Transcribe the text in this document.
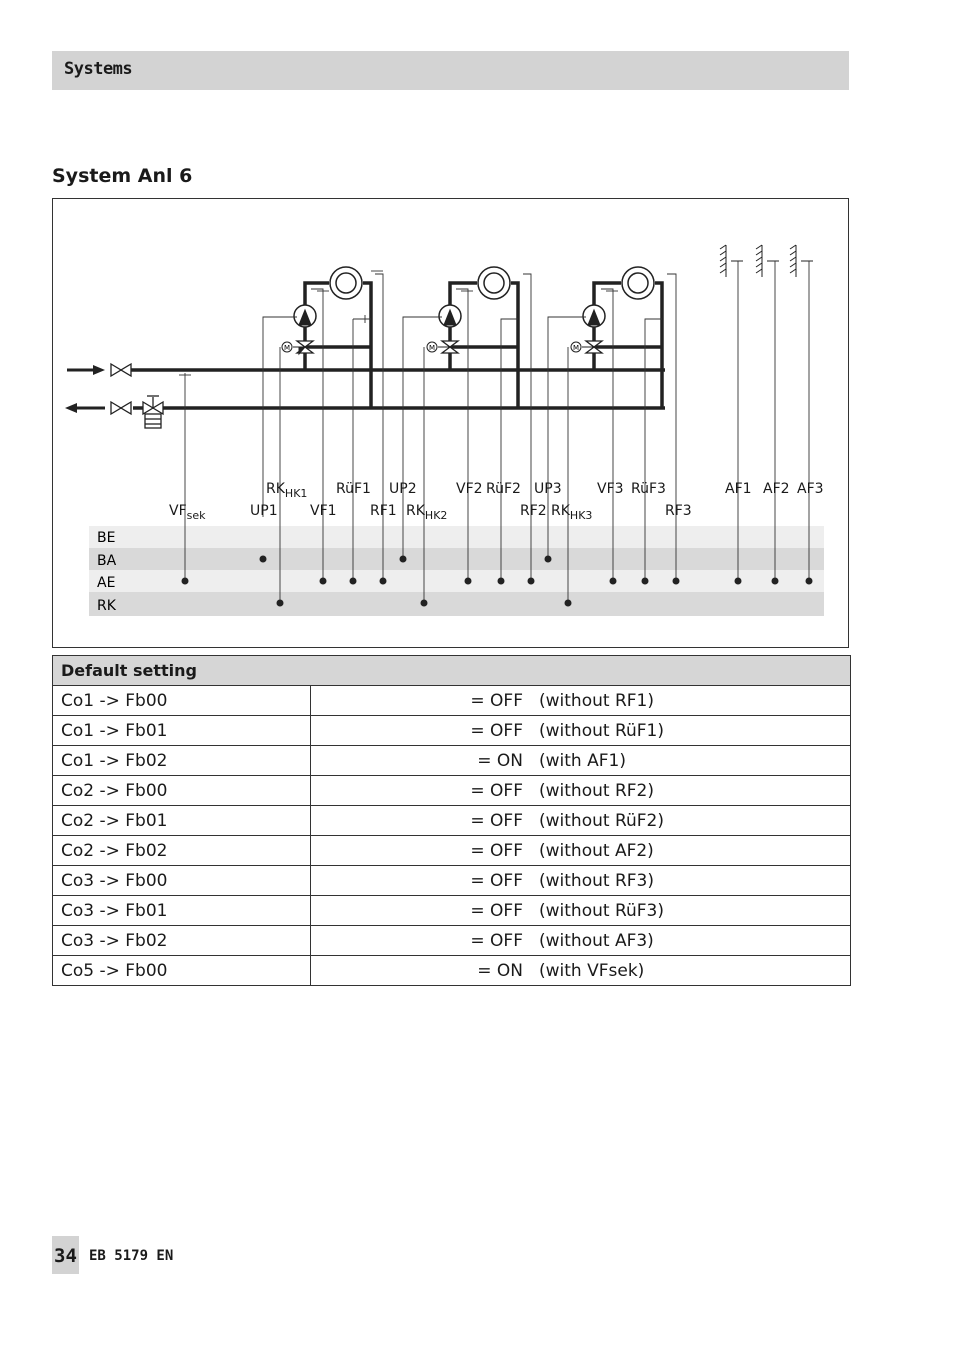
Systems
System Anl 6
BE
BA
AE
RK
M	M	M
$RK_{HK1}$ RüF1 UP2	VF2 RüF2 UP3	VF3 RüF3	AF1 AF2 AF3
$VF_{sek}$	UP1 VF1 RF1 $RK_{HK2}$	RF2 $RK_{HK3}$	RF3
Default setting	
Co1 -> Fb00	= OFF (without RF1)
Co1 -> Fb01	= OFF (without RüF1)
Co1 -> Fb02	= ON (with AF1)
Co2 -> Fb00	= OFF (without RF2)
Co2 -> Fb01	= OFF (without RüF2)
Co2 -> Fb02	= OFF (without AF2)
Co3 -> Fb00	= OFF (without RF3)
Co3 -> Fb01	= OFF (without RüF3)
Co3 -> Fb02	= OFF (without AF3)
Co5 -> Fb00	= ON (with VFsek)
34 EB 5179 EN
